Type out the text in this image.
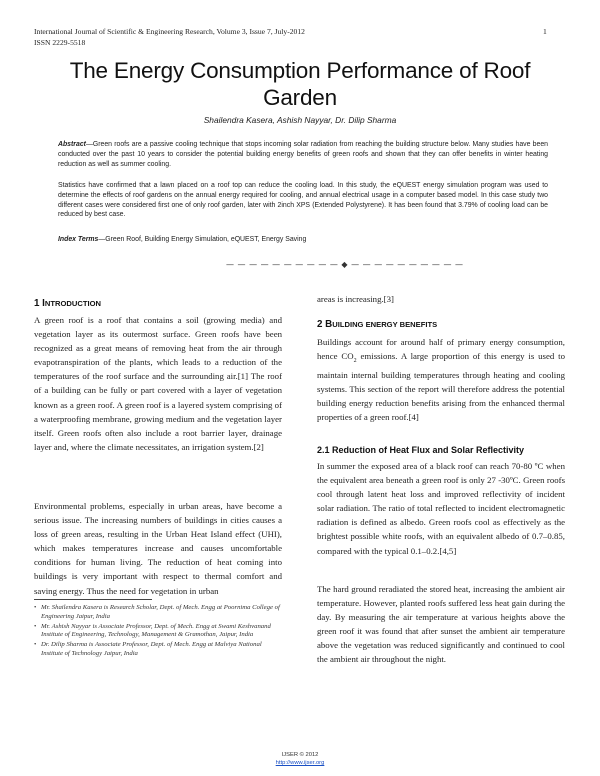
International Journal of Scientific & Engineering Research, Volume 3, Issue 7, July-2012
ISSN 2229-5518
1
The Energy Consumption Performance of Roof
Garden
Shailendra Kasera, Ashish Nayyar, Dr. Dilip Sharma

Abstract—Green roofs are a passive cooling technique that stops incoming solar radiation from reaching the building structure below. Many studies have been conducted over the past 10 years to consider the potential building energy benefits of green roofs and shown that they can offer benefits in winter heating reduction as well as summer cooling.

Statistics have confirmed that a lawn placed on a roof top can reduce the cooling load. In this study, the eQUEST energy simulation program was used to determine the effects of roof gardens on the annual energy required for cooling, and annual electrical usage in a computer based model. In this case study two different cases were considered first one of only roof garden, later with 2inch XPS (Extended Polystyrene). It has been found that 3.79% of cooling load can be reduced by best case.

Index Terms—Green Roof, Building Energy Simulation, eQUEST, Energy Saving

— — — — — — — — — — ◆ — — — — — — — — — —
1 INTRODUCTION

A green roof is a roof that contains a soil (growing media) and vegetation layer as its outermost surface. Green roofs have been recognized as a great means of removing heat from the air through evapotranspiration of the plants, which leads to a reduction of the temperatures of the roof surface and the surrounding air.[1] The roof of a building can be fully or part covered with a layer of vegetation known as a green roof. A green roof is a layered system comprising of a waterproofing membrane, growing medium and the vegetation layer itself. Green roofs often also include a root barrier layer, drainage layer and, where the climate necessitates, an irrigation system.[2]

Environmental problems, especially in urban areas, have become a serious issue. The increasing numbers of buildings in cities causes a loss of green areas, resulting in the Urban Heat Island effect (UHI), which makes temperatures increase and causes uncomfortable conditions for human living. The reduction of heat coming into buildings is very important with respect to thermal comfort and saving energy. Thus the need for vegetation in urban

• Mr. Shailendra Kasera is Research Scholar, Dept. of Mech. Engg at Poornima College of Engineering Jaipur, India
• Mr. Ashish Nayyar is Associate Professor, Dept. of Mech. Engg at Swami Keshvanand Institute of Engineering, Technology, Management & Gramothan, Jaipur, India
• Dr. Dilip Sharma is Associate Professor, Dept. of Mech. Engg at Malviya National Institute of Technology Jaipur, India

areas is increasing.[3]

2 BUILDING ENERGY BENEFITS

Buildings account for around half of primary energy consumption, hence $CO_2$ emissions. A large proportion of this energy is used to maintain internal building temperatures through heating and cooling systems. This section of the report will therefore address the potential building energy reduction benefits arising from the enhanced thermal properties of a green roof.[4]

2.1 Reduction of Heat Flux and Solar Reflectivity

In summer the exposed area of a black roof can reach 70-80 ºC when the equivalent area beneath a green roof is only 27 -30ºC. Green roofs cool through latent heat loss and improved reflectivity of incident solar radiation. The ratio of total reflected to incident electromagnetic radiation is defined as albedo. Green roofs cool as effectively as the brightest possible white roofs, with an equivalent albedo of 0.7–0.85, compared with the typical 0.1–0.2.[4,5]

The hard ground reradiated the stored heat, increasing the ambient air temperature. However, planted roofs suffered less heat gain during the day. By measuring the air temperature at various heights above the green roof it was found that after sunset the ambient air temperature above the vegetation was reduced significantly and continued to cool the ambient air throughout the night.

IJSER © 2012
http://www.ijser.org
